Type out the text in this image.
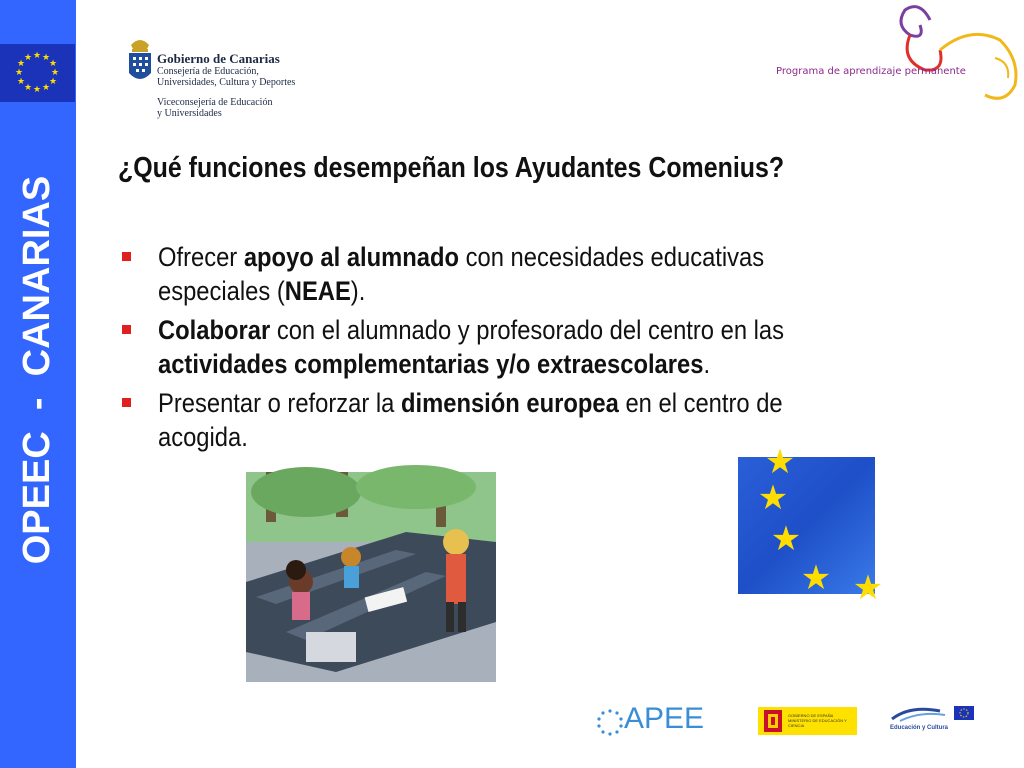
★ ★
★
★
★
★
★
★
★
★
★
★
OPEEC  -  CANARIAS
Gobierno de Canarias
Consejería de Educación,
Universidades, Cultura y Deportes
Viceconsejería de Educación
y Universidades
Programa de aprendizaje permanente
¿Qué funciones desempeñan los Ayudantes Comenius?
Ofrecer apoyo al alumnado con necesidades educativas
especiales (NEAE).
Colaborar con el alumnado y profesorado del centro en las
actividades complementarias y/o extraescolares.
Presentar o reforzar la dimensión europea en el centro de
acogida.
★
★
★
★ ★
APEE	GOBIERNO DE ESPAÑA MINISTERIO DE EDUCACIÓN Y CIENCIA	Educación y Cultura
